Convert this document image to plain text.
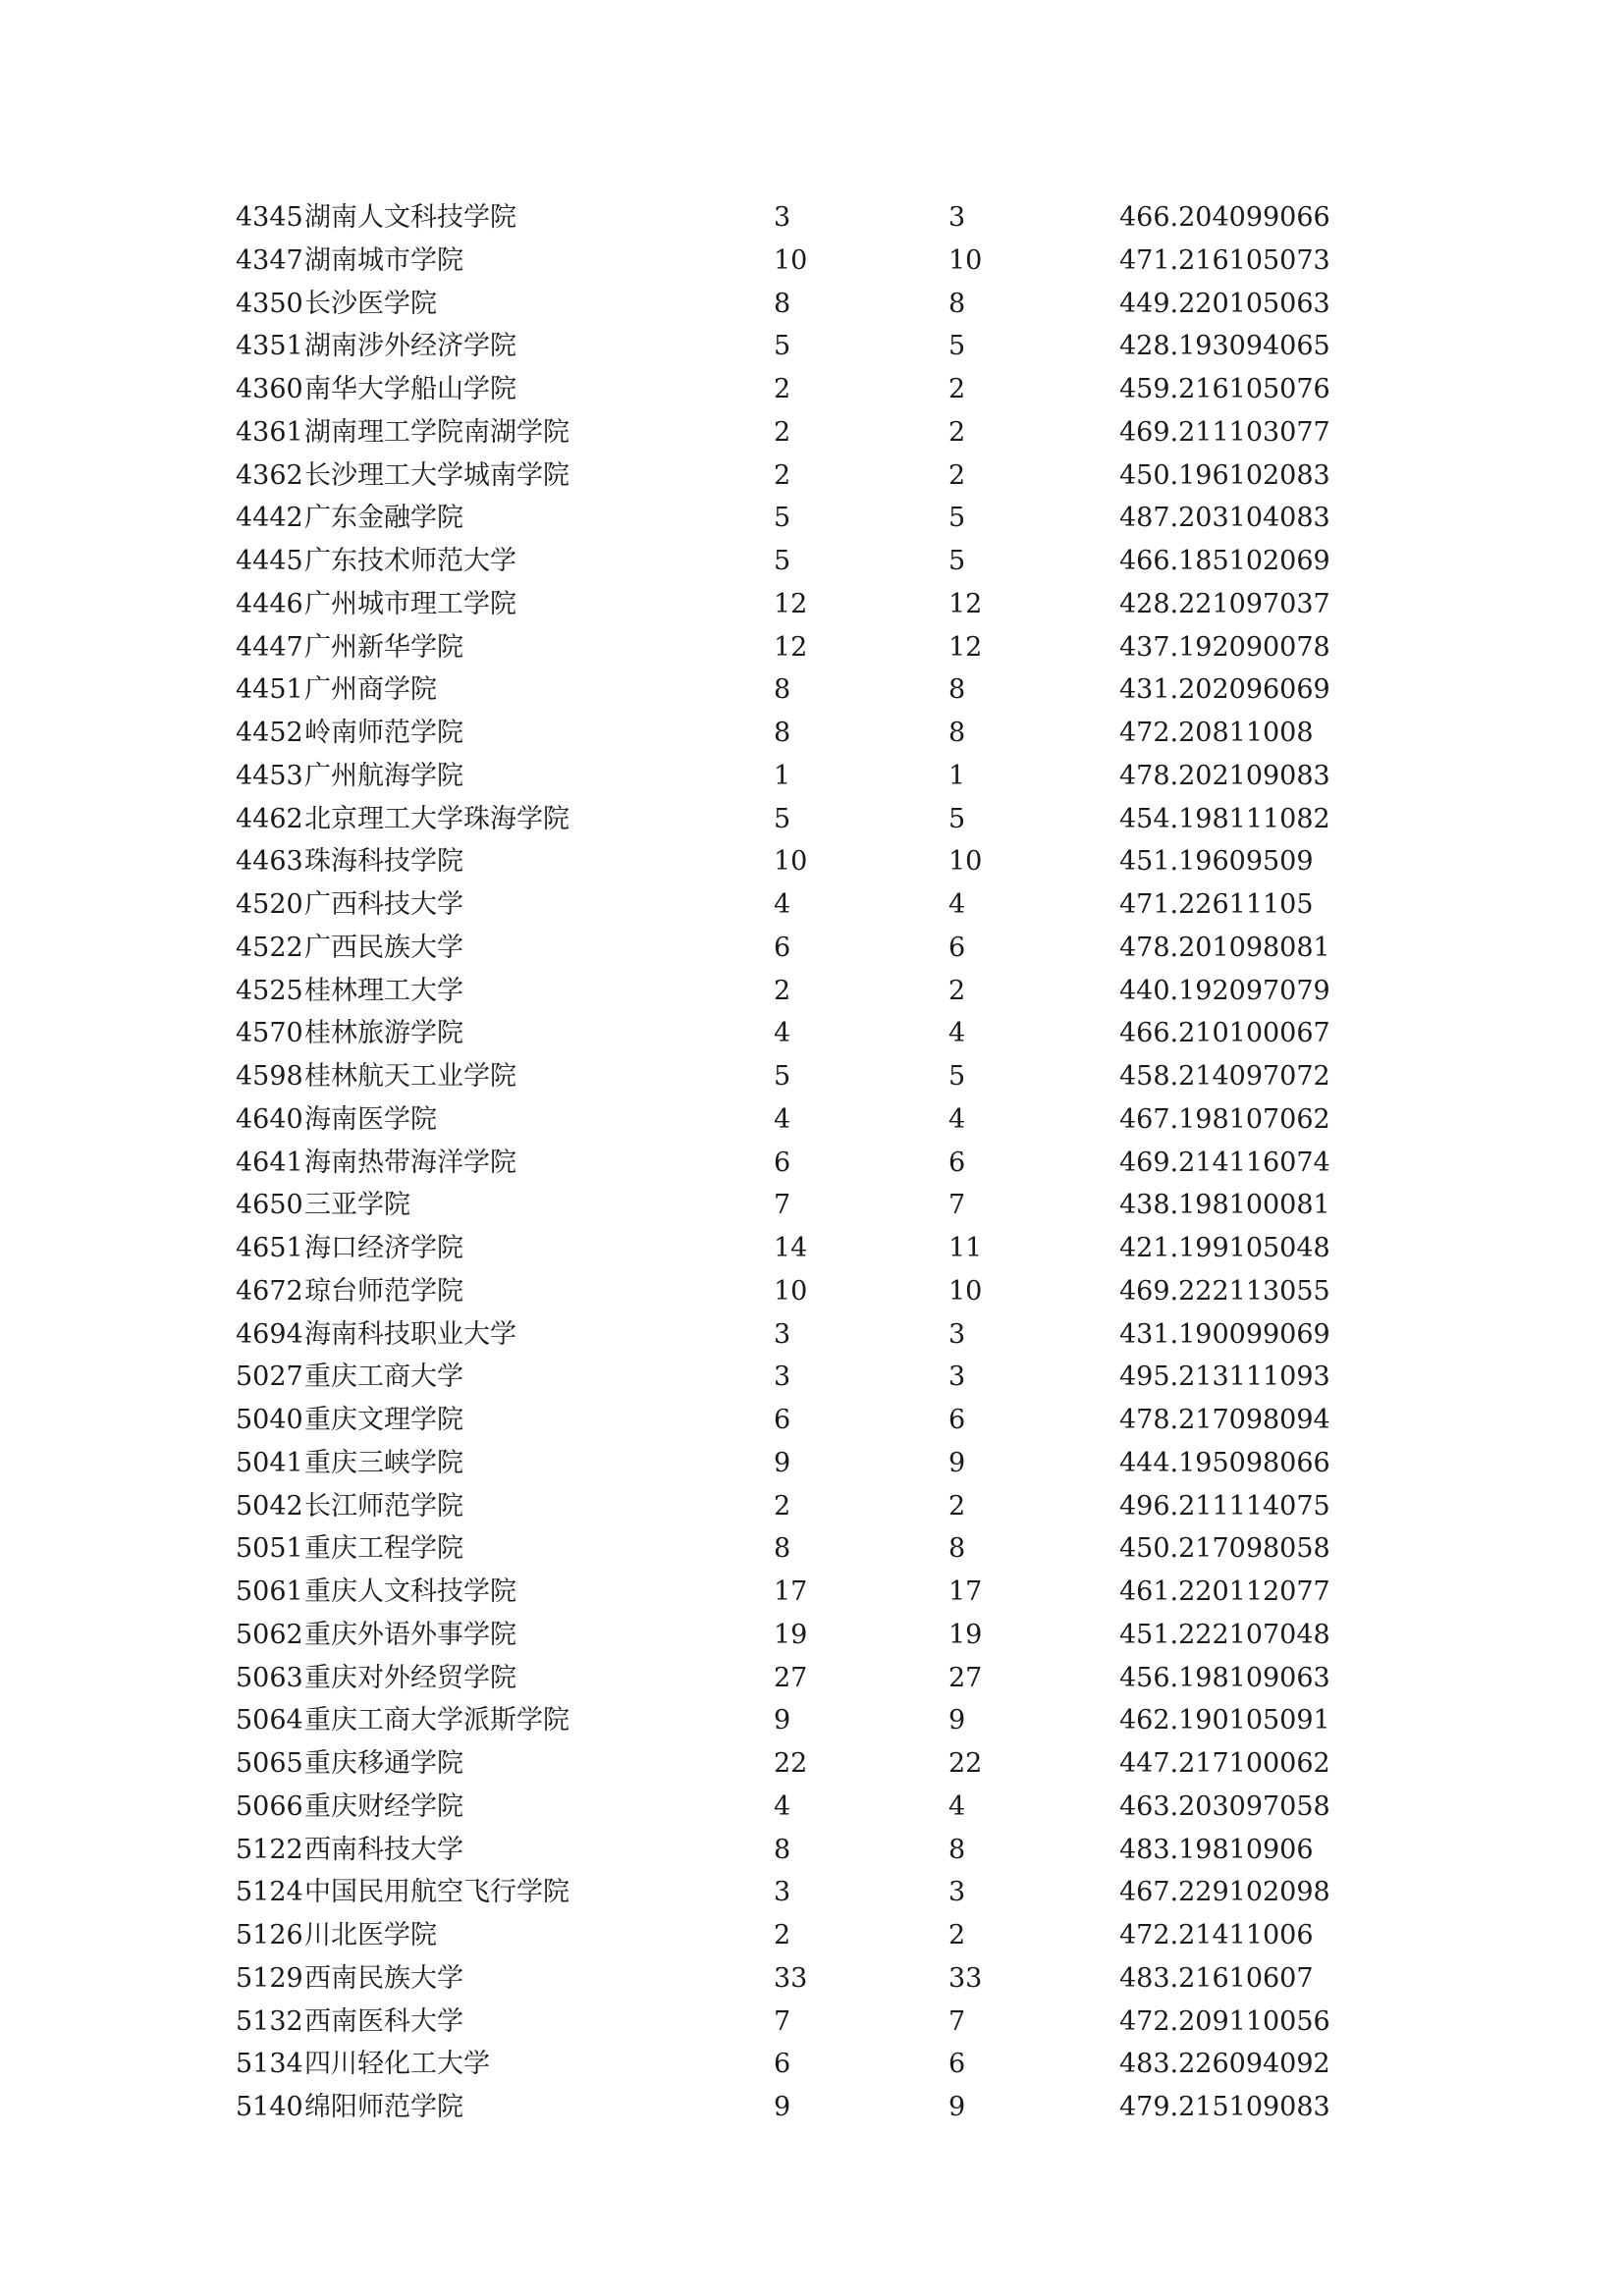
4345 湖南人文科技学院	3	3	466.204099066
4347 湖南城市学院	10	10	471.216105073
4350 长沙医学院	8	8	449.220105063
4351 湖南涉外经济学院	5	5	428.193094065
4360 南华大学船山学院	2	2	459.216105076
4361 湖南理工学院南湖学院	2	2	469.211103077
4362 长沙理工大学城南学院	2	2	450.196102083
4442 广东金融学院	5	5	487.203104083
4445 广东技术师范大学	5	5	466.185102069
4446 广州城市理工学院	12	12	428.221097037
4447 广州新华学院	12	12	437.192090078
4451 广州商学院	8	8	431.202096069
4452 岭南师范学院	8	8	472.20811008
4453 广州航海学院	1	1	478.202109083
4462 北京理工大学珠海学院	5	5	454.198111082
4463 珠海科技学院	10	10	451.19609509
4520 广西科技大学	4	4	471.22611105
4522 广西民族大学	6	6	478.201098081
4525 桂林理工大学	2	2	440.192097079
4570 桂林旅游学院	4	4	466.210100067
4598 桂林航天工业学院	5	5	458.214097072
4640 海南医学院	4	4	467.198107062
4641 海南热带海洋学院	6	6	469.214116074
4650 三亚学院	7	7	438.198100081
4651 海口经济学院	14	11	421.199105048
4672 琼台师范学院	10	10	469.222113055
4694 海南科技职业大学	3	3	431.190099069
5027 重庆工商大学	3	3	495.213111093
5040 重庆文理学院	6	6	478.217098094
5041 重庆三峡学院	9	9	444.195098066
5042 长江师范学院	2	2	496.211114075
5051 重庆工程学院	8	8	450.217098058
5061 重庆人文科技学院	17	17	461.220112077
5062 重庆外语外事学院	19	19	451.222107048
5063 重庆对外经贸学院	27	27	456.198109063
5064 重庆工商大学派斯学院	9	9	462.190105091
5065 重庆移通学院	22	22	447.217100062
5066 重庆财经学院	4	4	463.203097058
5122 西南科技大学	8	8	483.19810906
5124 中国民用航空飞行学院	3	3	467.229102098
5126 川北医学院	2	2	472.21411006
5129 西南民族大学	33	33	483.21610607
5132 西南医科大学	7	7	472.209110056
5134 四川轻化工大学	6	6	483.226094092
5140 绵阳师范学院	9	9	479.215109083
